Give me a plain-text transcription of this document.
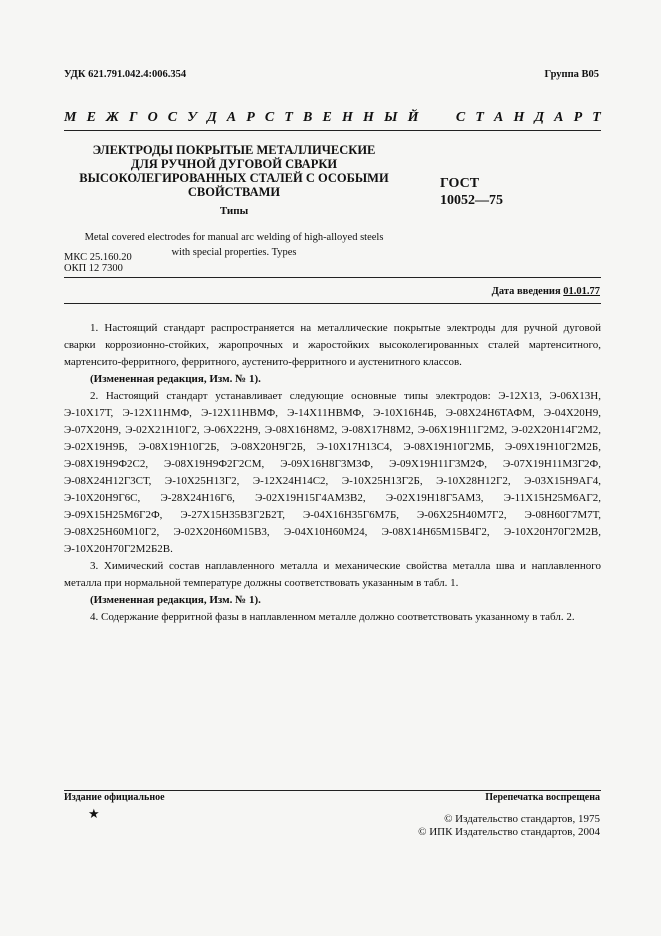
УДК 621.791.042.4:006.354	Группа В05
М Е Ж Г О С У Д А Р С Т В Е Н Н Ы Й

	С Т А Н Д А Р Т
ЭЛЕКТРОДЫ ПОКРЫТЫЕ МЕТАЛЛИЧЕСКИЕ
ДЛЯ РУЧНОЙ ДУГОВОЙ СВАРКИ
ВЫСОКОЛЕГИРОВАННЫХ СТАЛЕЙ С ОСОБЫМИ
СВОЙСТВАМИ
Типы
ГОСТ
10052—75
Metal covered electrodes for manual arc welding of high-alloyed steels
with special properties. Types
МКС 25.160.20
ОКП 12 7300
Дата введения 01.01.77

1. Настоящий стандарт распространяется на металлические покрытые электроды для ручной дуговой сварки коррозионно-стойких, жаропрочных и жаростойких высоколегированных сталей мартенситного, мартенсито-ферритного, ферритного, аустенито-ферритного и аустенитного классов.

(Измененная редакция, Изм. № 1).

2. Настоящий стандарт устанавливает следующие основные типы электродов: Э-12Х13, Э-06Х13Н, Э-10Х17Т, Э-12Х11НМФ, Э-12Х11НВМФ, Э-14Х11НВМФ, Э-10Х16Н4Б, Э-08Х24Н6ТАФМ, Э-04Х20Н9, Э-07Х20Н9, Э-02Х21Н10Г2, Э-06Х22Н9, Э-08Х16Н8М2, Э-08Х17Н8М2, Э-06Х19Н11Г2М2, Э-02Х20Н14Г2М2, Э-02Х19Н9Б, Э-08Х19Н10Г2Б, Э-08Х20Н9Г2Б, Э-10Х17Н13С4, Э-08Х19Н10Г2МБ, Э-09Х19Н10Г2М2Б, Э-08Х19Н9Ф2С2, Э-08Х19Н9Ф2Г2СМ, Э-09Х16Н8Г3М3Ф, Э-09Х19Н11Г3М2Ф, Э-07Х19Н11М3Г2Ф, Э-08Х24Н12Г3СТ, Э-10Х25Н13Г2, Э-12Х24Н14С2, Э-10Х25Н13Г2Б, Э-10Х28Н12Г2, Э-03Х15Н9АГ4, Э-10Х20Н9Г6С, Э-28Х24Н16Г6, Э-02Х19Н15Г4АМ3В2, Э-02Х19Н18Г5АМ3, Э-11Х15Н25М6АГ2, Э-09Х15Н25М6Г2Ф, Э-27Х15Н35В3Г2Б2Т, Э-04Х16Н35Г6М7Б, Э-06Х25Н40М7Г2, Э-08Н60Г7М7Т, Э-08Х25Н60М10Г2, Э-02Х20Н60М15В3, Э-04Х10Н60М24, Э-08Х14Н65М15В4Г2, Э-10Х20Н70Г2М2В, Э-10Х20Н70Г2М2Б2В.

3. Химический состав наплавленного металла и механические свойства металла шва и наплавленного металла при нормальной температуре должны соответствовать указанным в табл. 1.

(Измененная редакция, Изм. № 1).

4. Содержание ферритной фазы в наплавленном металле должно соответствовать указанному в табл. 2.

Издание официальное	Перепечатка воспрещена
★	© Издательство стандартов, 1975
© ИПК Издательство стандартов, 2004
